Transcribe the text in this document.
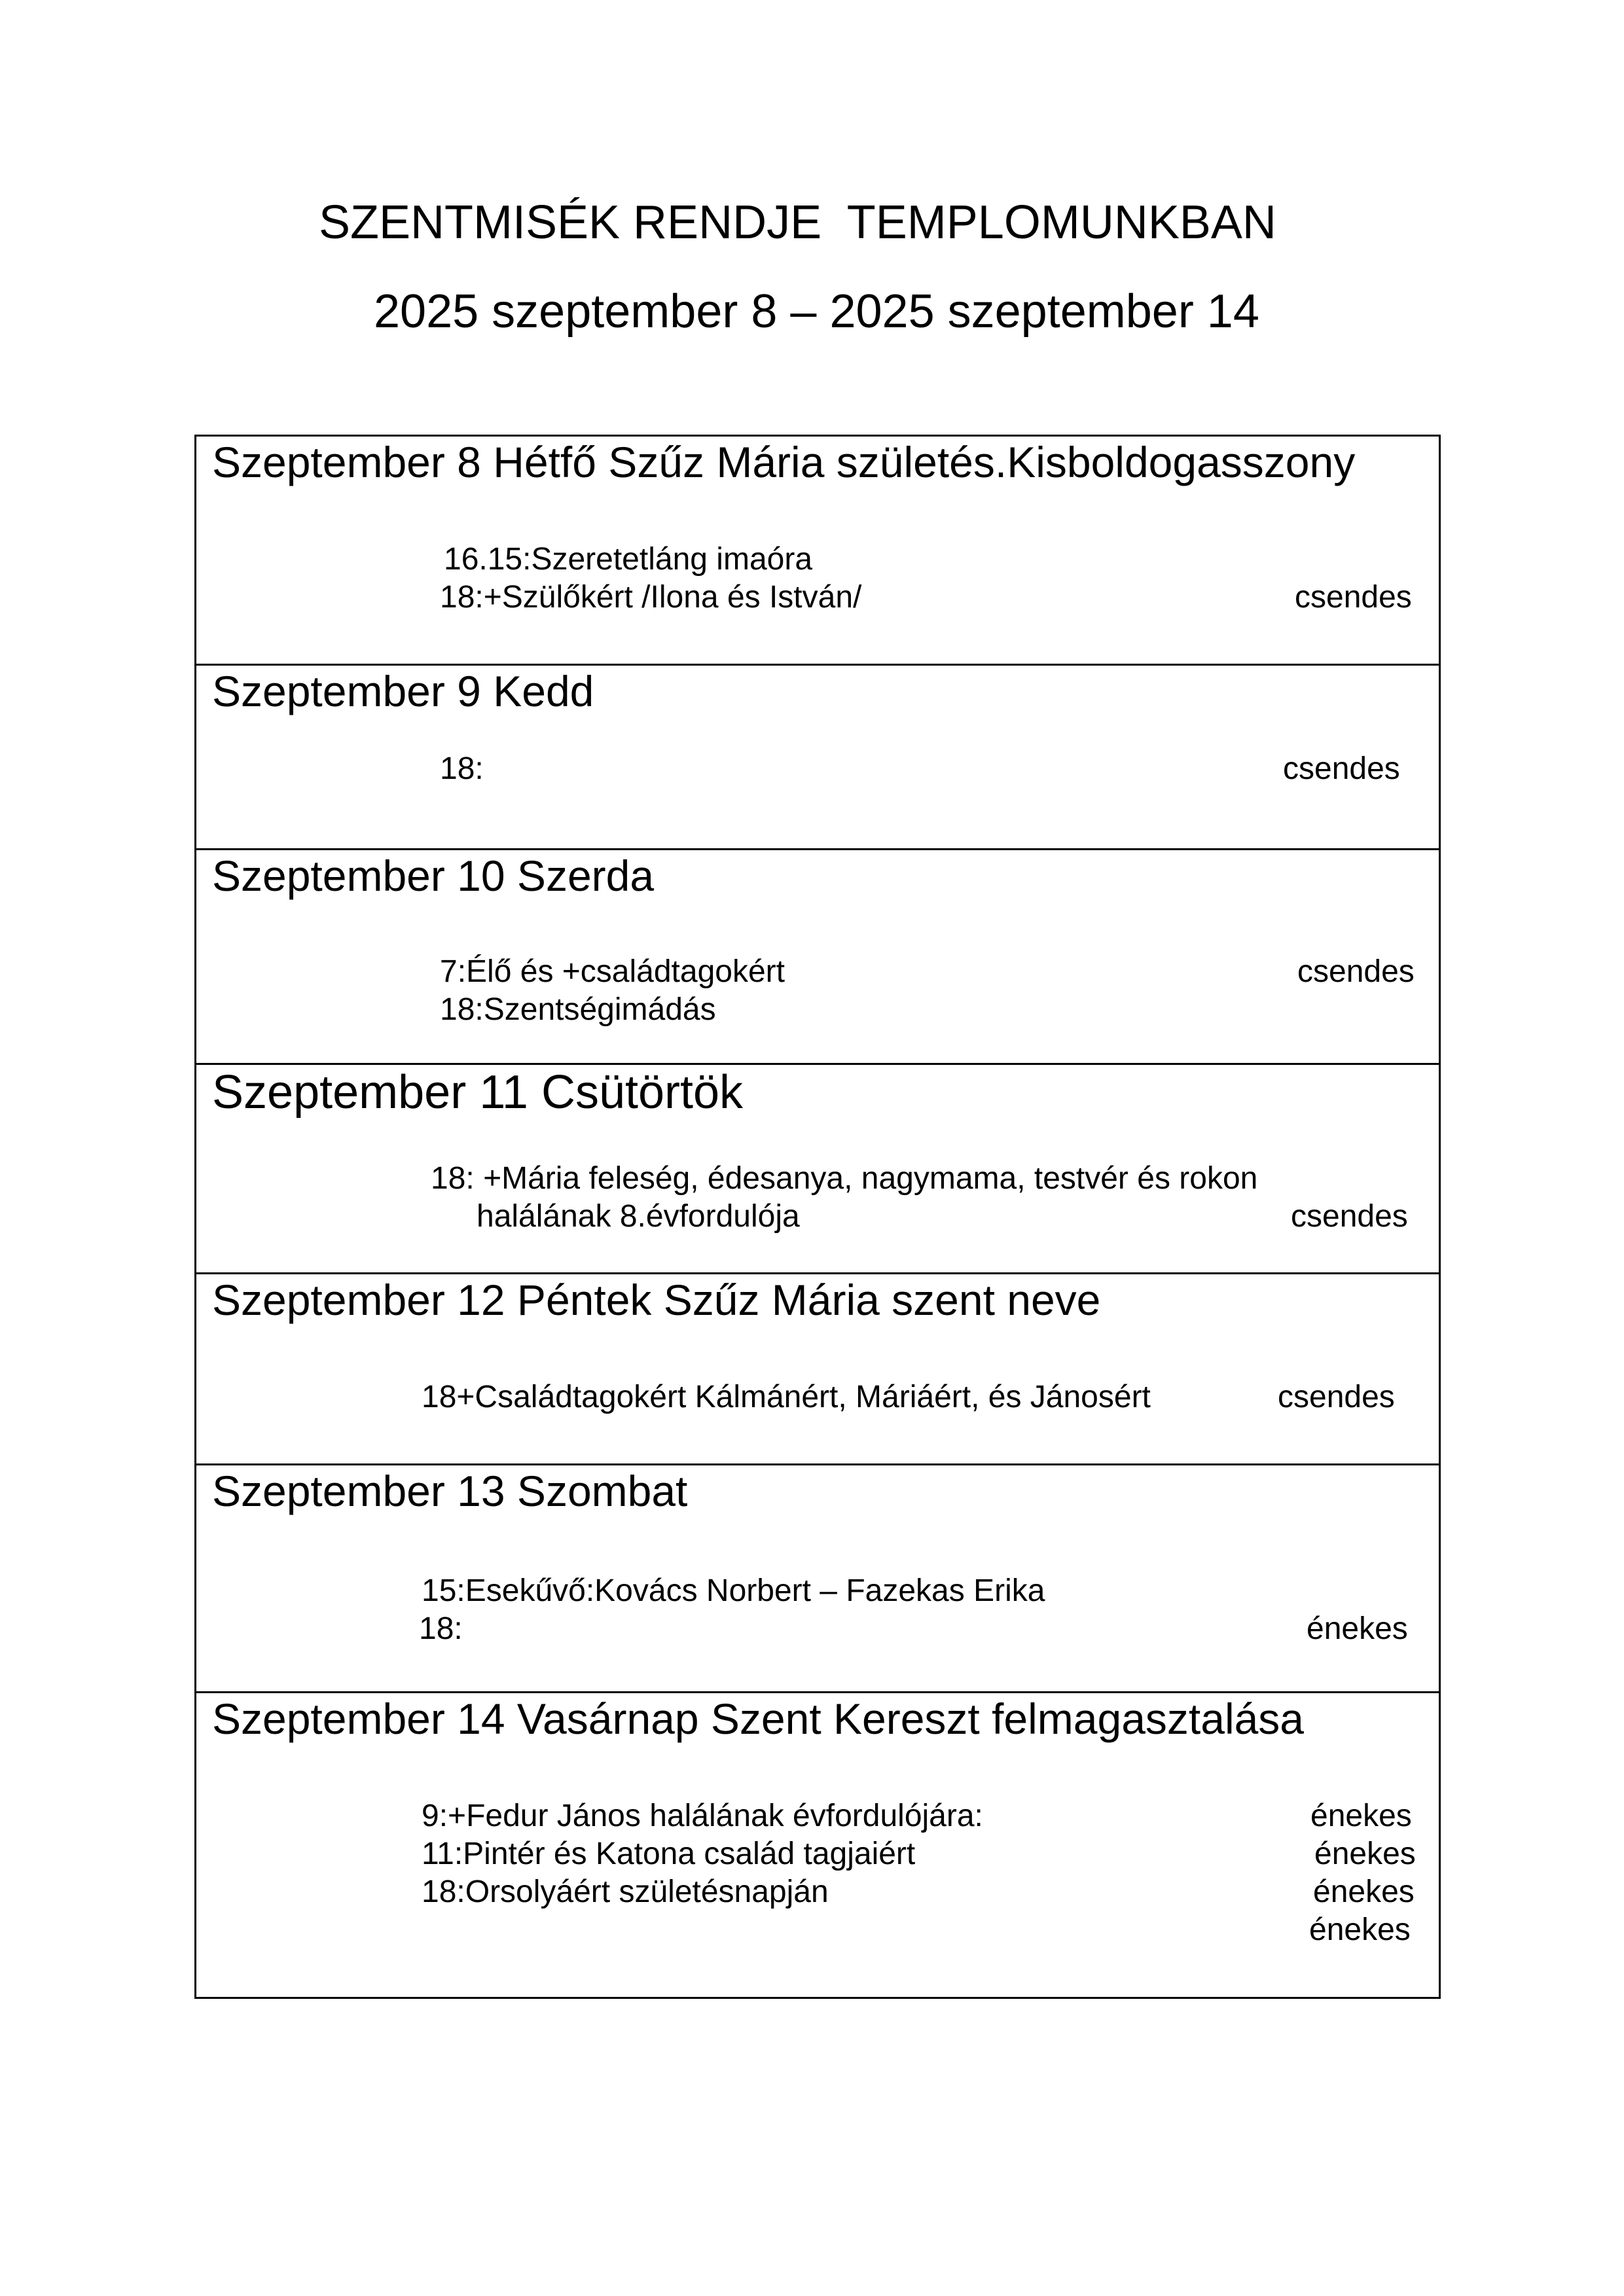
SZENTMISÉK RENDJE  TEMPLOMUNKBAN
2025 szeptember 8 – 2025 szeptember 14
Szeptember 8 Hétfő Szűz Mária születés.Kisboldogasszony
16.15:Szeretetláng imaóra
18:+Szülőkért /Ilona és István/	csendes
Szeptember 9 Kedd
18:	csendes
Szeptember 10 Szerda
7:Élő és +családtagokért	csendes
18:Szentségimádás
Szeptember 11 Csütörtök
18: +Mária feleség, édesanya, nagymama, testvér és rokon
halálának 8.évfordulója	csendes
Szeptember 12 Péntek Szűz Mária szent neve
18+Családtagokért Kálmánért, Máriáért, és Jánosért	csendes
Szeptember 13 Szombat
15:Esekűvő:Kovács Norbert – Fazekas Erika
18:	énekes
Szeptember 14 Vasárnap Szent Kereszt felmagasztalása
9:+Fedur János halálának évfordulójára:	énekes
11:Pintér és Katona család tagjaiért	énekes
18:Orsolyáért születésnapján	énekes
énekes
